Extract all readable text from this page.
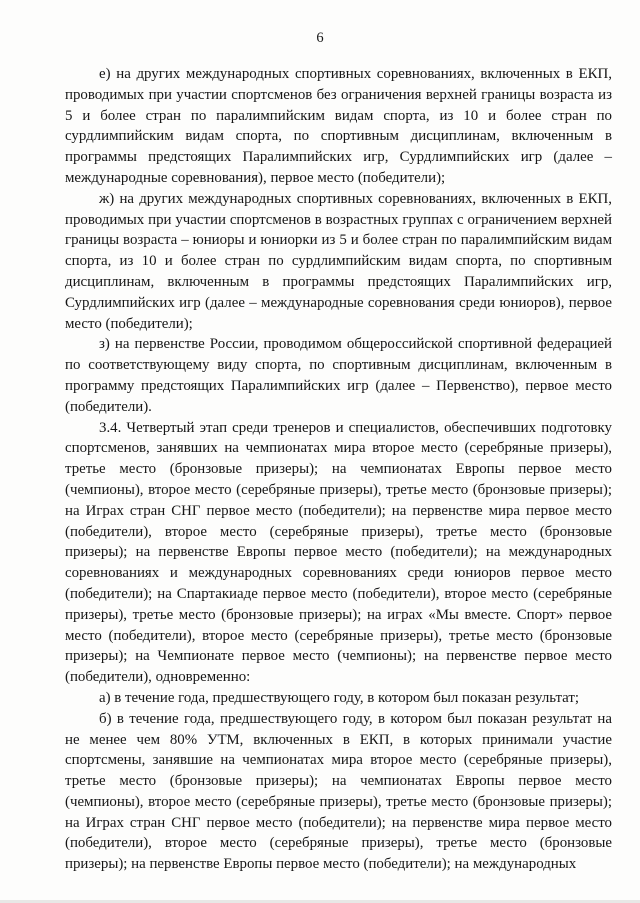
6

е) на других международных спортивных соревнованиях, включенных в ЕКП, проводимых при участии спортсменов без ограничения верхней границы возраста из 5 и более стран по паралимпийским видам спорта, из 10 и более стран по сурдлимпийским видам спорта, по спортивным дисциплинам, включенным в программы предстоящих Паралимпийских игр, Сурдлимпийских игр (далее – международные соревнования), первое место (победители);

ж) на других международных спортивных соревнованиях, включенных в ЕКП, проводимых при участии спортсменов в возрастных группах с ограничением верхней границы возраста – юниоры и юниорки из 5 и более стран по паралимпийским видам спорта, из 10 и более стран по сурдлимпийским видам спорта, по спортивным дисциплинам, включенным в программы предстоящих Паралимпийских игр, Сурдлимпийских игр (далее – международные соревнования среди юниоров), первое место (победители);

з) на первенстве России, проводимом общероссийской спортивной федерацией по соответствующему виду спорта, по спортивным дисциплинам, включенным в программу предстоящих Паралимпийских игр (далее – Первенство), первое место (победители).

3.4. Четвертый этап среди тренеров и специалистов, обеспечивших подготовку спортсменов, занявших на чемпионатах мира второе место (серебряные призеры), третье место (бронзовые призеры); на чемпионатах Европы первое место (чемпионы), второе место (серебряные призеры), третье место (бронзовые призеры); на Играх стран СНГ первое место (победители); на первенстве мира первое место (победители), второе место (серебряные призеры), третье место (бронзовые призеры); на первенстве Европы первое место (победители); на международных соревнованиях и международных соревнованиях среди юниоров первое место (победители); на Спартакиаде первое место (победители), второе место (серебряные призеры), третье место (бронзовые призеры); на играх «Мы вместе. Спорт» первое место (победители), второе место (серебряные призеры), третье место (бронзовые призеры); на Чемпионате первое место (чемпионы); на первенстве первое место (победители), одновременно:

а) в течение года, предшествующего году, в котором был показан результат;

б) в течение года, предшествующего году, в котором был показан результат на не менее чем 80% УТМ, включенных в ЕКП, в которых принимали участие спортсмены, занявшие на чемпионатах мира второе место (серебряные призеры), третье место (бронзовые призеры); на чемпионатах Европы первое место (чемпионы), второе место (серебряные призеры), третье место (бронзовые призеры); на Играх стран СНГ первое место (победители); на первенстве мира первое место (победители), второе место (серебряные призеры), третье место (бронзовые призеры); на первенстве Европы первое место (победители); на международных
